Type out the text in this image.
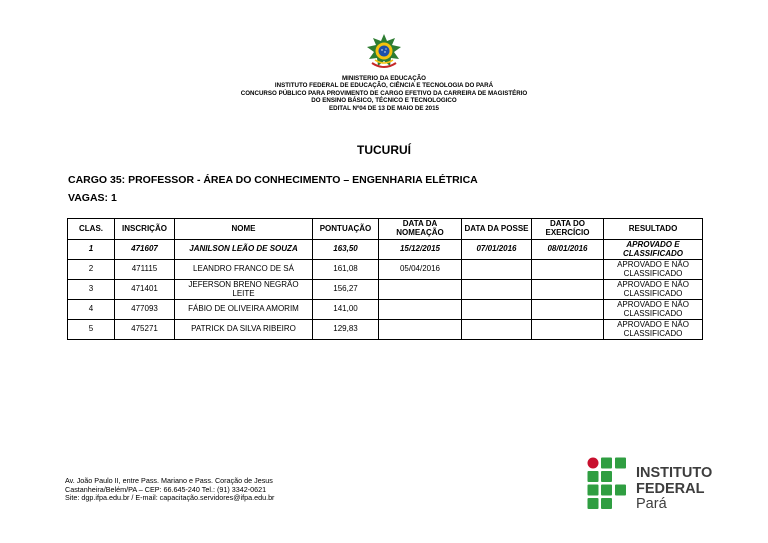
MINISTERIO DA EDUCAÇÃO
INSTITUTO FEDERAL DE EDUCAÇÃO, CIÊNCIA E TECNOLOGIA DO PARÁ
CONCURSO PÚBLICO PARA PROVIMENTO DE CARGO EFETIVO DA CARREIRA DE MAGISTÉRIO
DO ENSINO BÁSICO, TÉCNICO E TECNOLOGICO
EDITAL Nº04 DE 13 DE MAIO DE 2015
TUCURUÍ
CARGO 35: PROFESSOR - ÁREA DO CONHECIMENTO – ENGENHARIA ELÉTRICA
VAGAS: 1
CLAS.	INSCRIÇÃO	NOME	PONTUAÇÃO	DATA DA NOMEAÇÃO	DATA DA POSSE	DATA DO EXERCÍCIO	RESULTADO
1	471607	JANILSON LEÃO DE SOUZA	163,50	15/12/2015	07/01/2016	08/01/2016	APROVADO E CLASSIFICADO
2	471115	LEANDRO FRANCO DE SÁ	161,08	05/04/2016			APROVADO E NÃO CLASSIFICADO
3	471401	JEFERSON BRENO NEGRÃO LEITE	156,27				APROVADO E NÃO CLASSIFICADO
4	477093	FÁBIO DE OLIVEIRA AMORIM	141,00				APROVADO E NÃO CLASSIFICADO
5	475271	PATRICK DA SILVA RIBEIRO	129,83				APROVADO E NÃO CLASSIFICADO
Av. João Paulo II, entre Pass. Mariano e Pass. Coração de Jesus
Castanheira/Belém/PA – CEP: 66.645-240 Tel.: (91) 3342-0621
Site: dgp.ifpa.edu.br / E-mail: capacitação.servidores@ifpa.edu.br
INSTITUTO
FEDERAL
Pará
